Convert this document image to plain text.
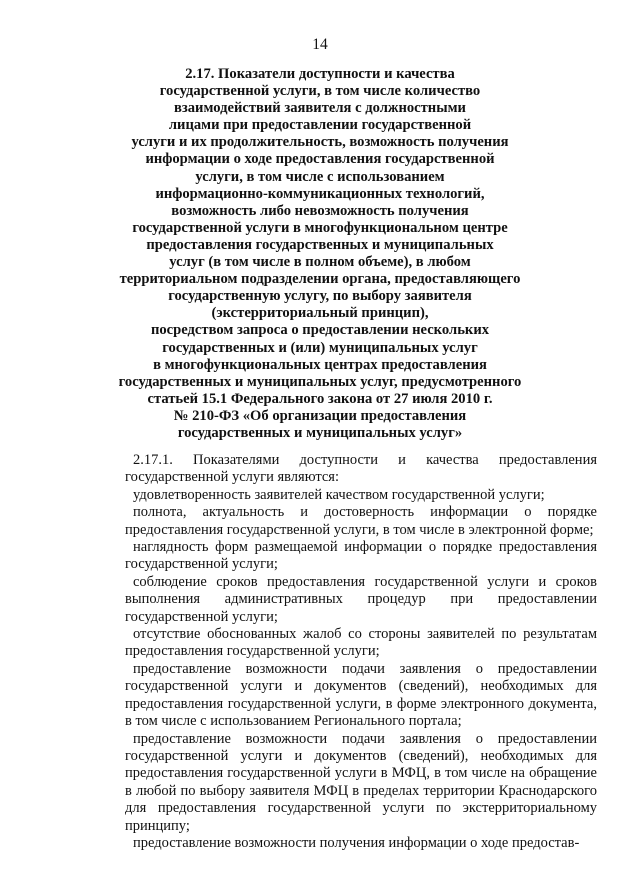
14
2.17. Показатели доступности и качества
государственной услуги, в том числе количество
взаимодействий заявителя с должностными
лицами при предоставлении государственной
услуги и их продолжительность, возможность получения
информации о ходе предоставления государственной
услуги, в том числе с использованием
информационно-коммуникационных технологий,
возможность либо невозможность получения
государственной услуги в многофункциональном центре
предоставления государственных и муниципальных
услуг (в том числе в полном объеме), в любом
территориальном подразделении органа, предоставляющего
государственную услугу, по выбору заявителя
(экстерриториальный принцип),
посредством запроса о предоставлении нескольких
государственных и (или) муниципальных услуг
в многофункциональных центрах предоставления
государственных и муниципальных услуг, предусмотренного
статьей 15.1 Федерального закона от 27 июля 2010 г.
№ 210-ФЗ «Об организации предоставления
государственных и муниципальных услуг»

2.17.1. Показателями доступности и качества предоставления государственной услуги являются:

удовлетворенность заявителей качеством государственной услуги;

полнота, актуальность и достоверность информации о порядке предоставления государственной услуги, в том числе в электронной форме;

наглядность форм размещаемой информации о порядке предоставления государственной услуги;

соблюдение сроков предоставления государственной услуги и сроков выполнения административных процедур при предоставлении государственной услуги;

отсутствие обоснованных жалоб со стороны заявителей по результатам предоставления государственной услуги;

предоставление возможности подачи заявления о предоставлении государственной услуги и документов (сведений), необходимых для предоставления государственной услуги, в форме электронного документа, в том числе с использованием Регионального портала;

предоставление возможности подачи заявления о предоставлении государственной услуги и документов (сведений), необходимых для предоставления государственной услуги в МФЦ, в том числе на обращение в любой по выбору заявителя МФЦ в пределах территории Краснодарского для предоставления государственной услуги по экстерриториальному принципу;

предоставление возможности получения информации о ходе предостав-
